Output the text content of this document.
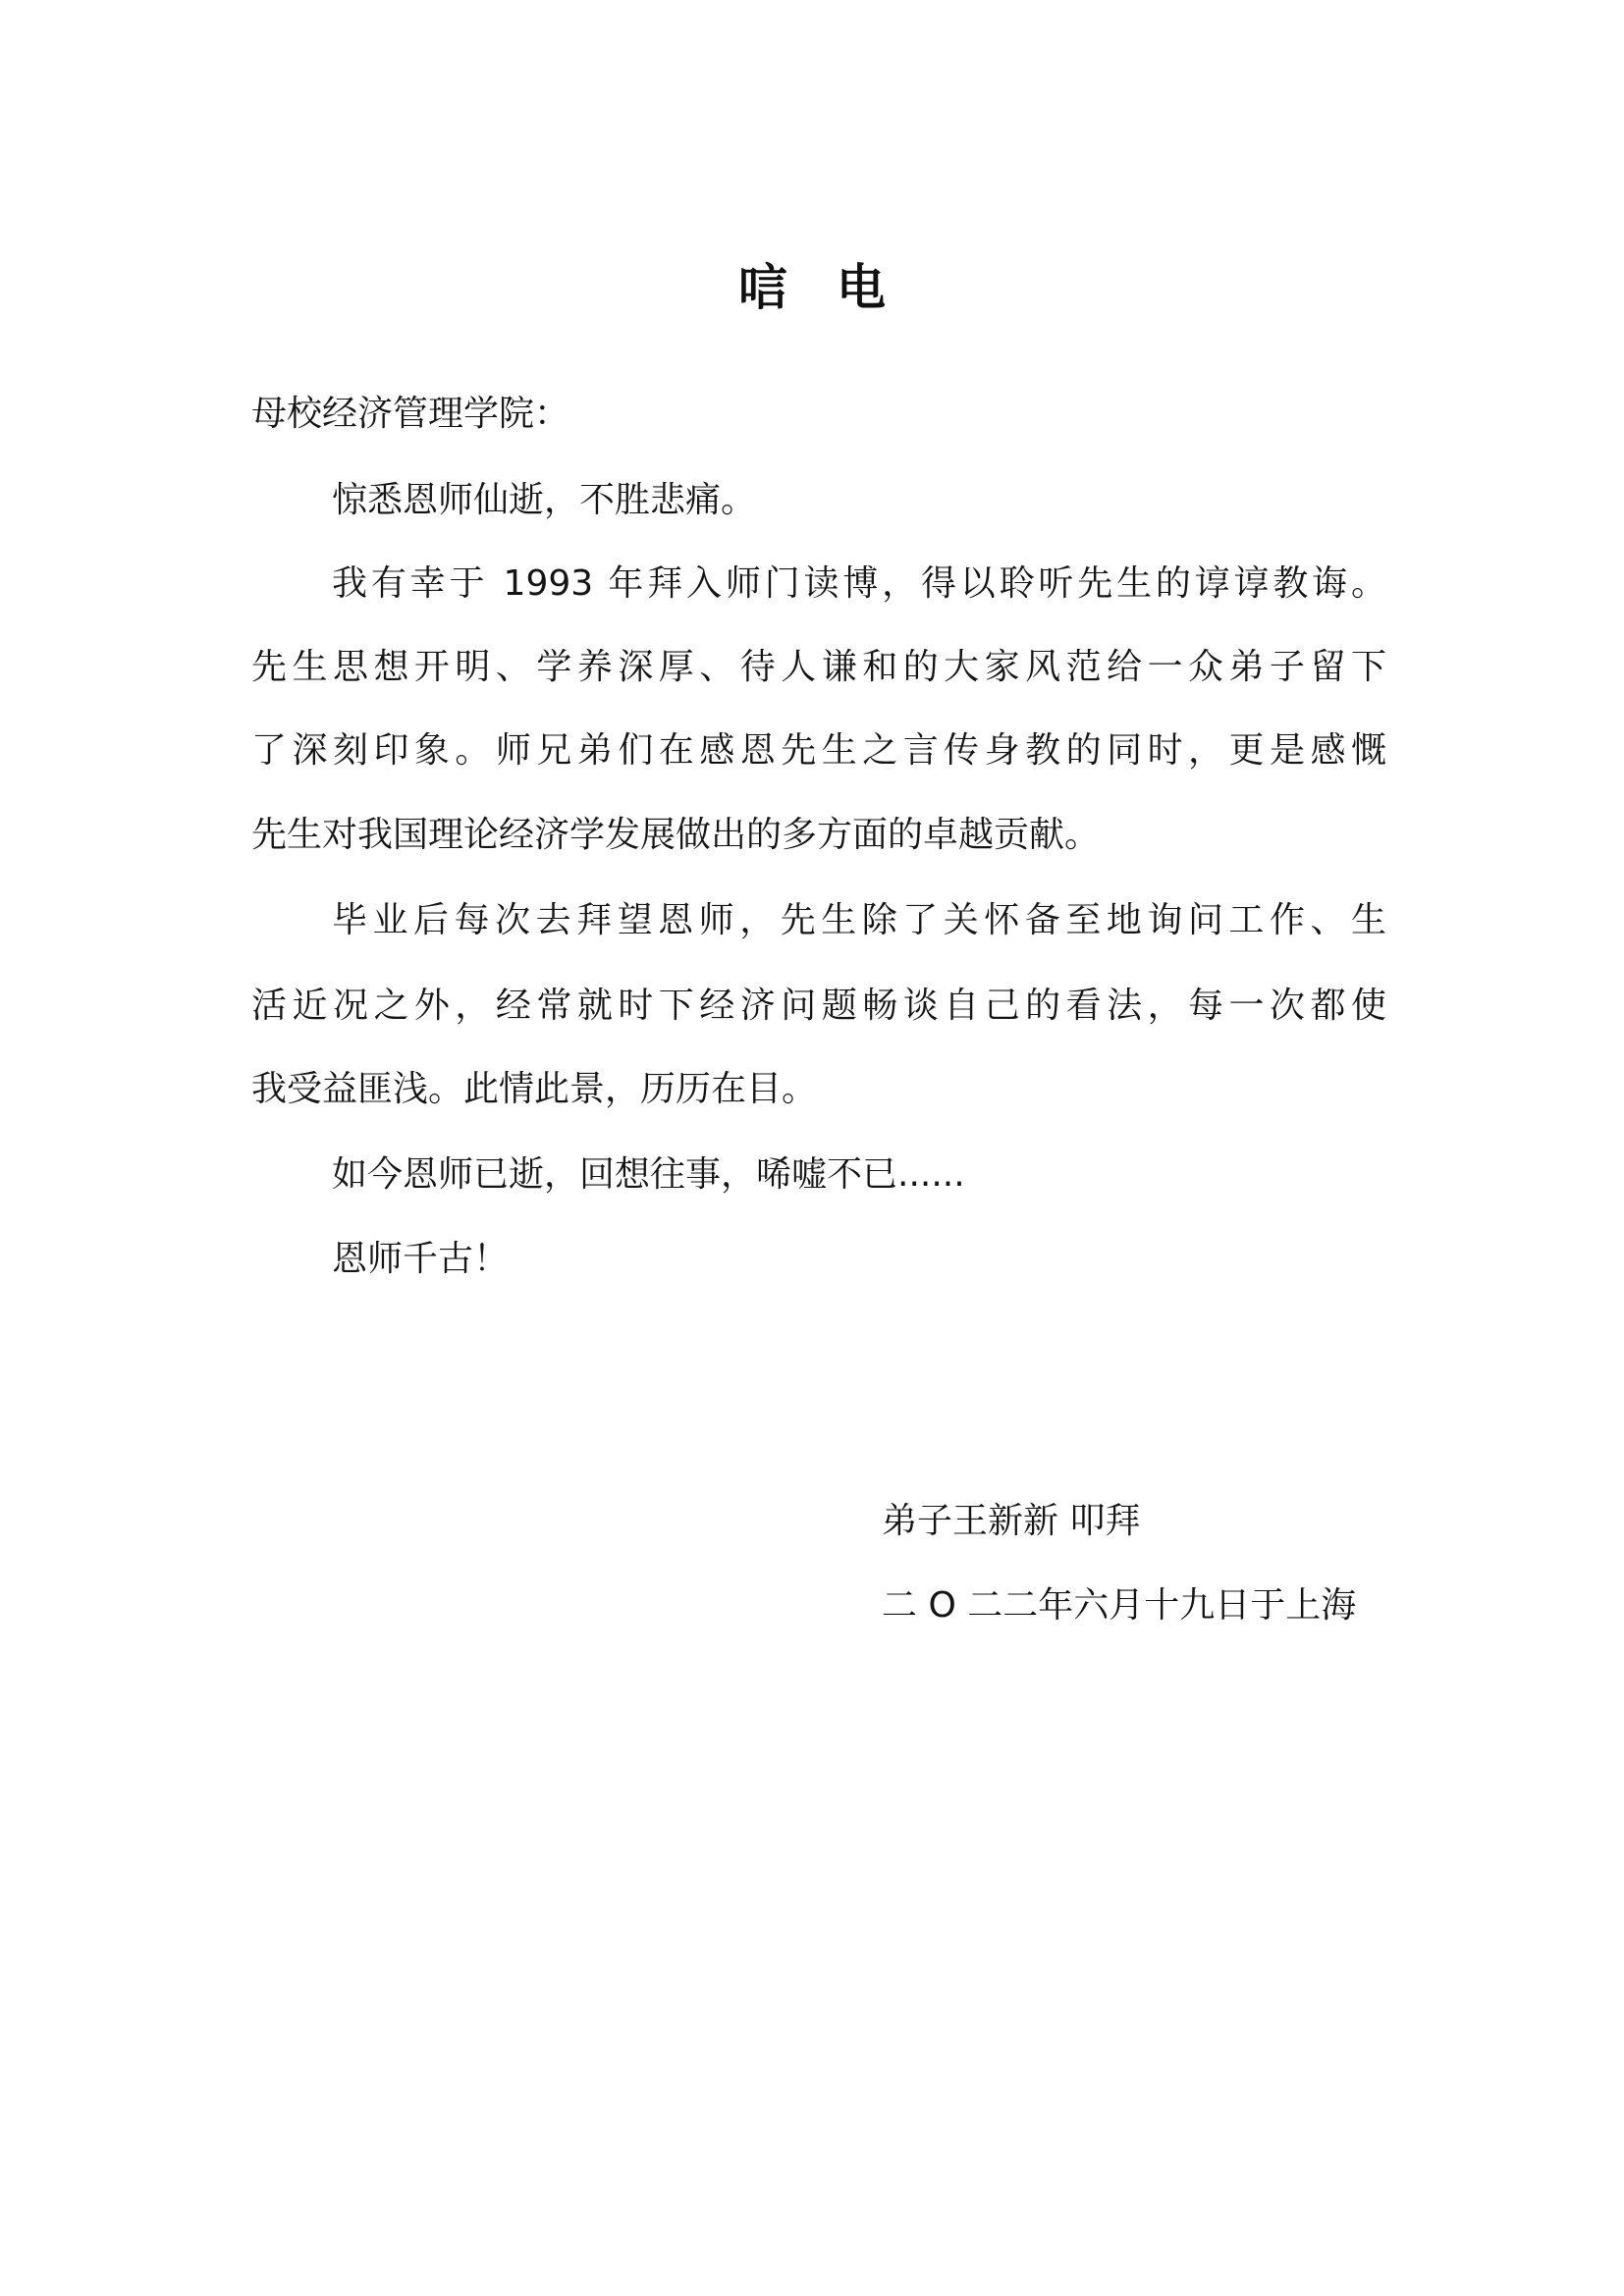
唁电
母校经济管理学院：
惊悉恩师仙逝，不胜悲痛。
我有幸于 1993 年拜入师门读博，得以聆听先生的谆谆教诲。
先生思想开明、学养深厚、待人谦和的大家风范给一众弟子留下
了深刻印象。师兄弟们在感恩先生之言传身教的同时，更是感慨
先生对我国理论经济学发展做出的多方面的卓越贡献。
毕业后每次去拜望恩师，先生除了关怀备至地询问工作、生
活近况之外，经常就时下经济问题畅谈自己的看法，每一次都使
我受益匪浅。此情此景，历历在目。
如今恩师已逝，回想往事，唏嘘不已......
恩师千古！
弟子王新新 叩拜
二 O 二二年六月十九日于上海
